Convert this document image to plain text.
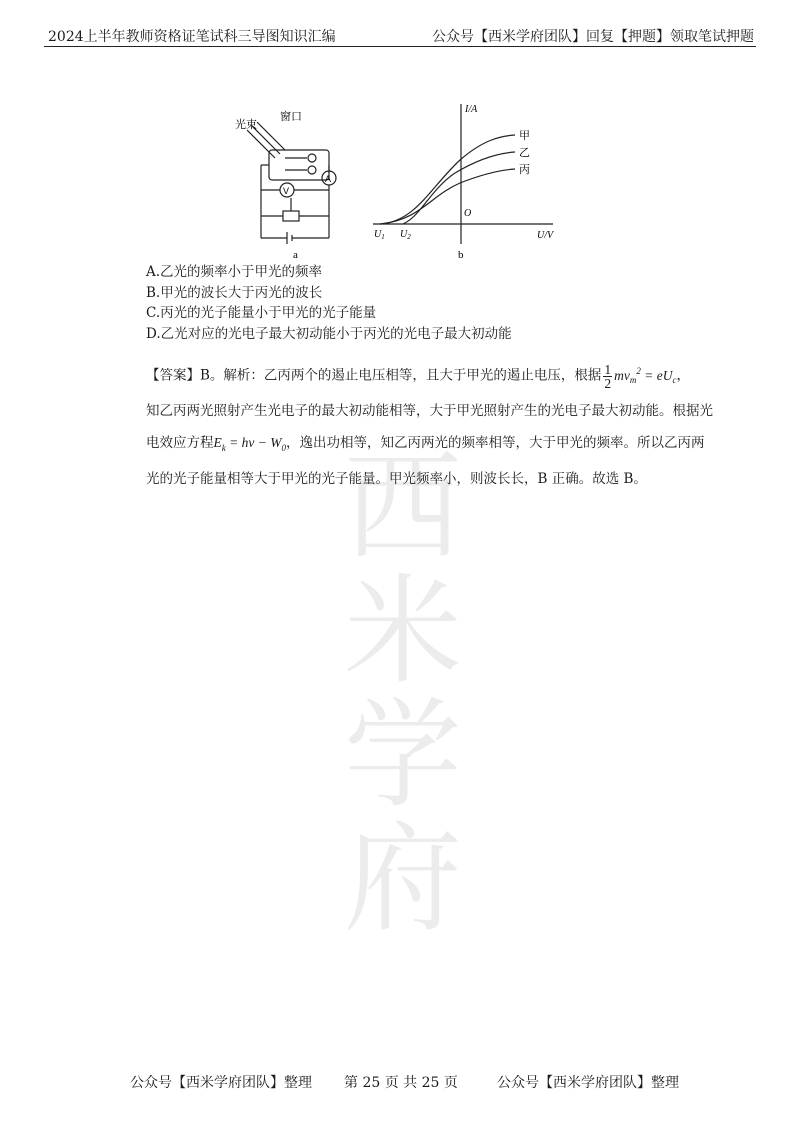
2024上半年教师资格证笔试科三导图知识汇编	公众号【西米学府团队】回复【押题】领取笔试押题
西米
学府
光束
窗口
A
V
a
I/A
U/V
O
$U_1$ $U_2$
甲
乙
丙
b
A.乙光的频率小于甲光的频率
B.甲光的波长大于丙光的波长
C.丙光的光子能量小于甲光的光子能量
D.乙光对应的光电子最大初动能小于丙光的光电子最大初动能

【答案】B。解析：乙丙两个的遏止电压相等，且大于甲光的遏止电压，根据 $\frac{1}{2} mv_m^2 = eU_c$，

知乙丙两光照射产生光电子的最大初动能相等，大于甲光照射产生的光电子最大初动能。根据光

电效应方程$E_k = h\nu - W_0$，逸出功相等，知乙丙两光的频率相等，大于甲光的频率。所以乙丙两

光的光子能量相等大于甲光的光子能量。甲光频率小，则波长长，B 正确。故选 B。

公众号【西米学府团队】整理 第 25 页 共 25 页	公众号【西米学府团队】整理
